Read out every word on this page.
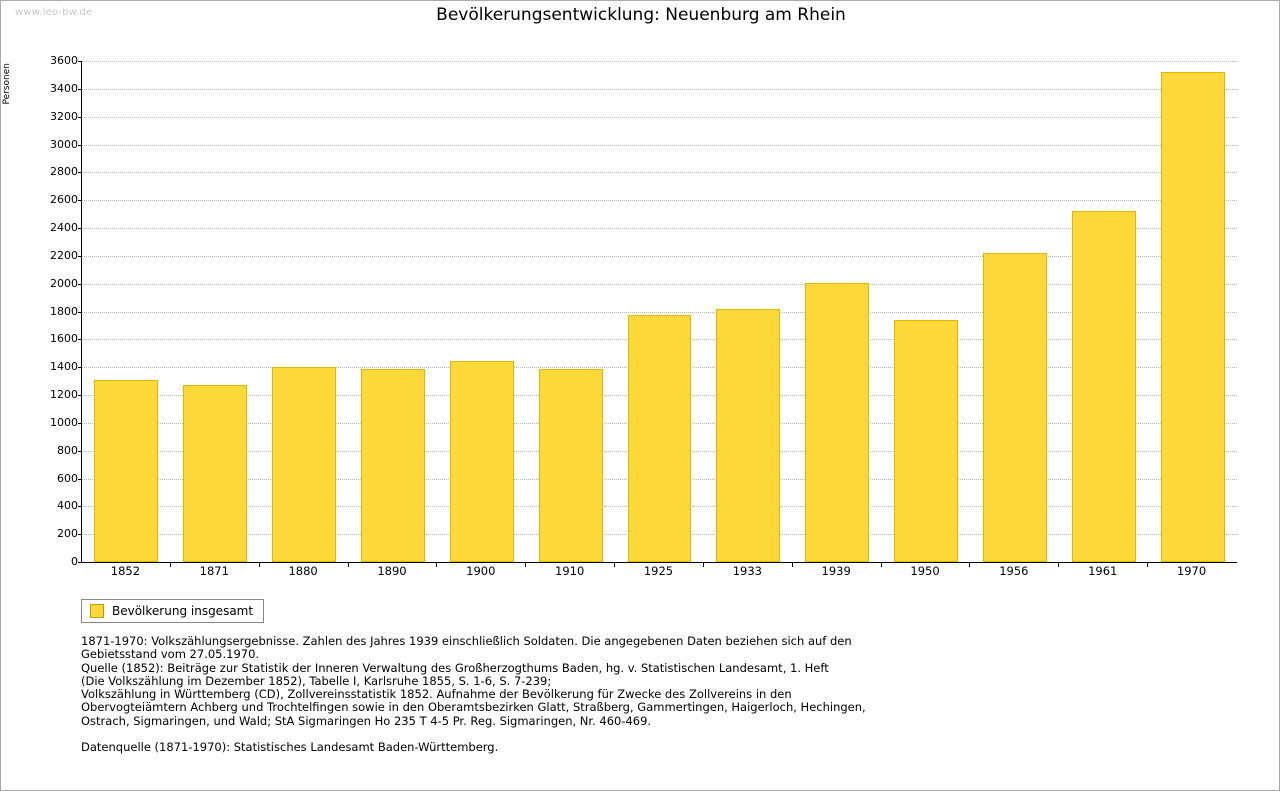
www.leo-bw.de	Bevölkerungsentwicklung: Neuenburg am Rhein
Personen
0
200
400
600
800
1000
1200
1400
1600
1800
2000
2200
2400
2600
2800
3000
3200
3400
3600
1852	1871	1880	1890	1900	1910	1925	1933	1939	1950	1956	1961	1970
Bevölkerung insgesamt

1871-1970: Volkszählungsergebnisse. Zahlen des Jahres 1939 einschließlich Soldaten. Die angegebenen Daten beziehen sich auf den

Gebietsstand vom 27.05.1970.

Quelle (1852): Beiträge zur Statistik der Inneren Verwaltung des Großherzogthums Baden, hg. v. Statistischen Landesamt, 1. Heft

(Die Volkszählung im Dezember 1852), Tabelle I, Karlsruhe 1855, S. 1-6, S. 7-239;

Volkszählung in Württemberg (CD), Zollvereinsstatistik 1852. Aufnahme der Bevölkerung für Zwecke des Zollvereins in den

Obervogteiämtern Achberg und Trochtelfingen sowie in den Oberamtsbezirken Glatt, Straßberg, Gammertingen, Haigerloch, Hechingen,

Ostrach, Sigmaringen, und Wald; StA Sigmaringen Ho 235 T 4-5 Pr. Reg. Sigmaringen, Nr. 460-469.

Datenquelle (1871-1970): Statistisches Landesamt Baden-Württemberg.
